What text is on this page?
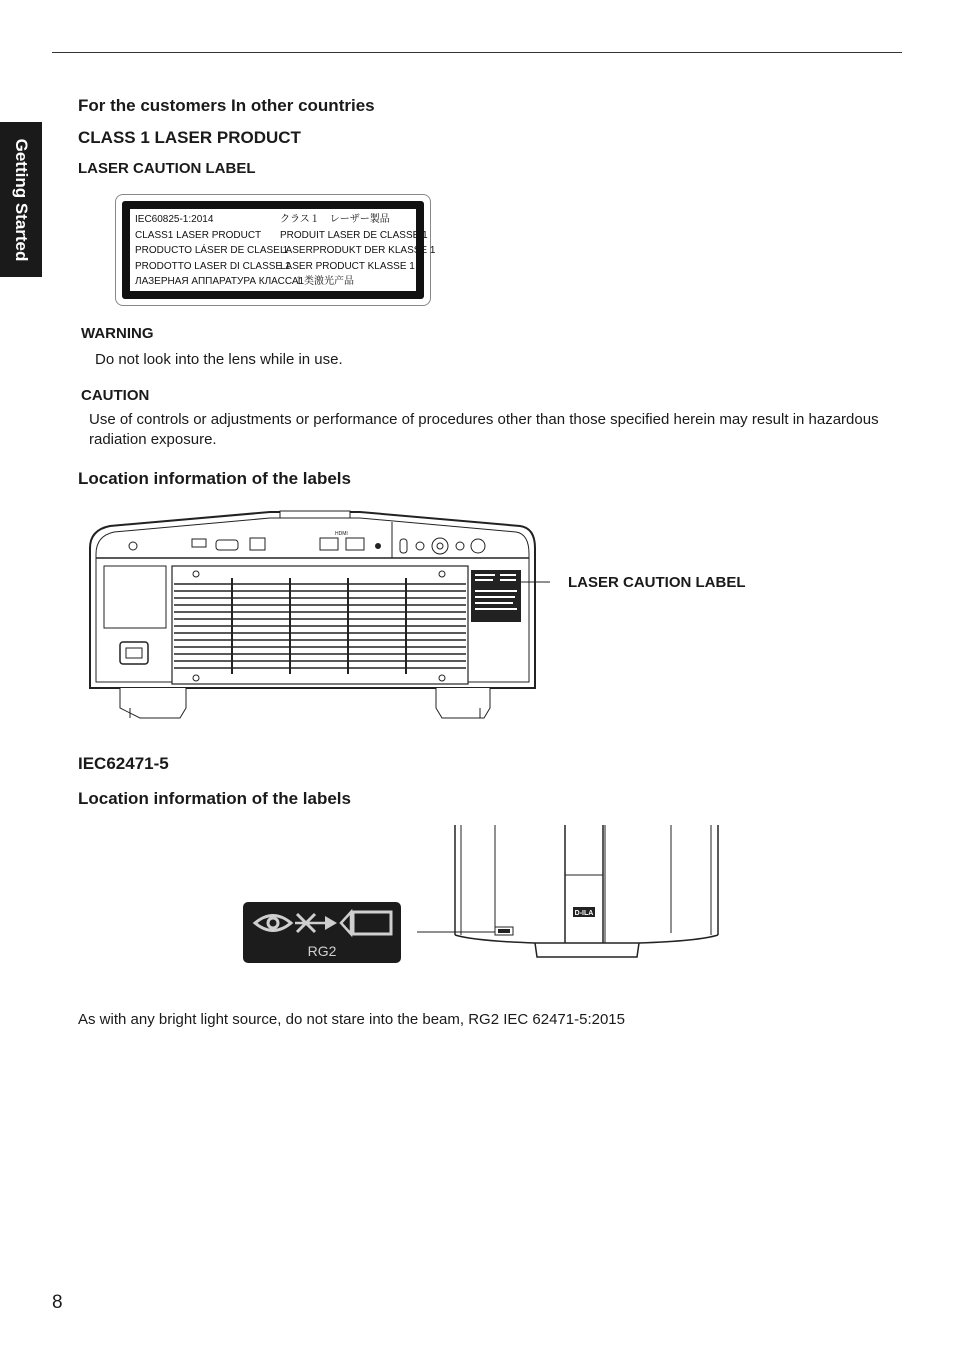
Getting Started
For the customers In other countries
CLASS 1 LASER PRODUCT
LASER CAUTION LABEL
IEC60825-1:2014
CLASS1 LASER PRODUCT
PRODUCTO LÁSER DE CLASE 1
PRODOTTO LASER DI CLASSE 1
ЛАЗЕРНАЯ АППАРАТУРА КЛАССА1
クラス１　レーザー製品
PRODUIT LASER DE CLASSE 1
LASERPRODUKT DER KLASSE 1
LASER PRODUCT KLASSE 1
１类激光产品
WARNING
Do not look into the lens while in use.
CAUTION
Use of controls or adjustments or performance of procedures other than those specified herein may result in hazardous radiation exposure.
Location information of the labels
HDMI
LASER CAUTION LABEL
IEC62471-5
Location information of the labels
RG2
D-ILA
As with any bright light source, do not stare into the beam, RG2 IEC 62471-5:2015
8
